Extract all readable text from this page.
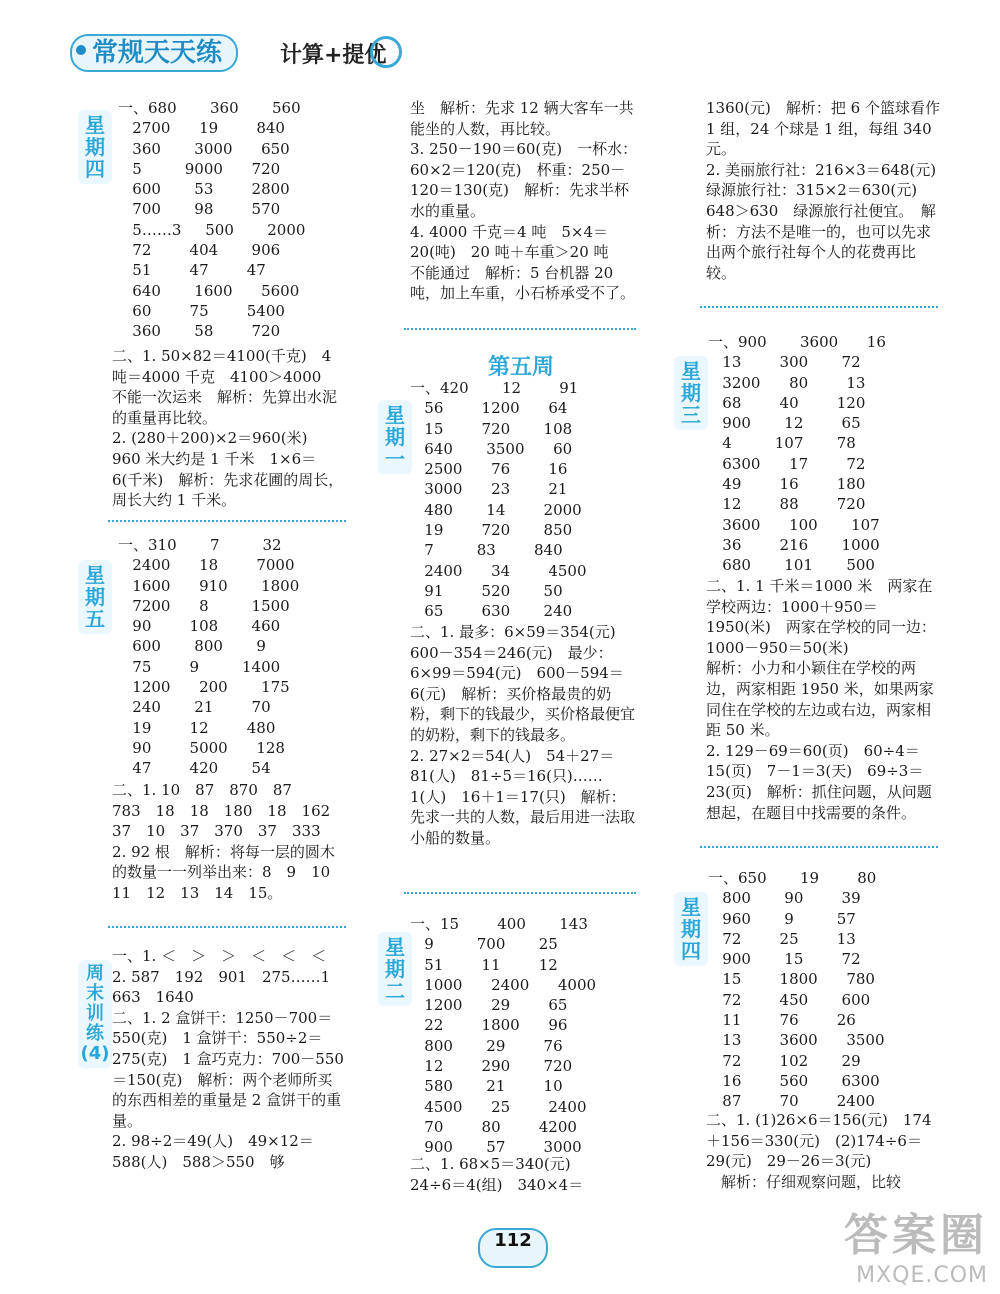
常规天天练	计算+提优
星期四
一、680       360       560
2700      19        840
360       3000      650
5         9000      720
600       53        2800
700       98        570
5……3     500       2000
72        404       906
51        47        47
640       1600      5600
60        75        5400
360       58        720
二、1. 50×82＝4100(千克)　4 吨＝4000 千克　4100＞4000　不能一次运来　解析：先算出水泥的重量再比较。
2. (280＋200)×2＝960(米)　960 米大约是 1 千米　1×6＝6(千米)　解析：先求花圃的周长，周长大约 1 千米。
星期五
一、310       7         32
2400      18        7000
1600      910       1800
7200      8         1500
90        108       460
600       800       9
75        9         1400
1200      200       175
240       21        70
19        12        480
90        5000      128
47        420       54
二、1. 10　87　870　87
783　18　18　180　18　162
37　10　37　370　37　333
2. 92 根　解析：将每一层的圆木的数量一一列举出来：8　9　10　11　12　13　14　15。
周末训练(4)
一、1. ＜　＞　＞　＜　＜　＜
2. 587　192　901　275……1　663　1640
二、1. 2 盒饼干：1250－700＝550(克)　1 盒饼干：550÷2＝275(克)　1 盒巧克力：700－550＝150(克)　解析：两个老师所买的东西相差的重量是 2 盒饼干的重量。
2. 98÷2＝49(人)　49×12＝588(人)　588＞550　够
坐　解析：先求 12 辆大客车一共能坐的人数，再比较。
3. 250－190＝60(克)　一杯水：60×2＝120(克)　杯重：250－120＝130(克)　解析：先求半杯水的重量。
4. 4000 千克＝4 吨　5×4＝20(吨)　20 吨＋车重＞20 吨　不能通过　解析：5 台机器 20 吨，加上车重，小石桥承受不了。
第五周
星期一
一、420       12        91
56        1200      64
15        720       108
640       3500      60
2500      76        16
3000      23        21
480       14        2000
19        720       850
7         83        840
2400      34        4500
91        520       50
65        630       240
二、1. 最多：6×59＝354(元)　600－354＝246(元)　最少：6×99＝594(元)　600－594＝6(元)　解析：买价格最贵的奶粉，剩下的钱最少，买价格最便宜的奶粉，剩下的钱最多。
2. 27×2＝54(人)　54＋27＝81(人)　81÷5＝16(只)……1(人)　16＋1＝17(只)　解析：先求一共的人数，最后用进一法取小船的数量。
星期二
一、15        400       143
9         700       25
51        11        12
1000      2400      4000
1200      29        65
22        1800      96
800       29        76
12        290       720
580       21        10
4500      25        2400
70        80        4200
900       57        3000
二、1. 68×5＝340(元)
24÷6＝4(组)　340×4＝
1360(元)　解析：把 6 个篮球看作 1 组，24 个球是 1 组，每组 340 元。
2. 美丽旅行社：216×3＝648(元)　绿源旅行社：315×2＝630(元)　648＞630　绿源旅行社便宜。　解析：方法不是唯一的，也可以先求出两个旅行社每个人的花费再比较。
星期三
一、900       3600      16
13        300       72
3200      80        13
68        40        120
900       12        65
4         107       78
6300      17        72
49        16        180
12        88        720
3600      100       107
36        216       1000
680       101       500
二、1. 1 千米＝1000 米　两家在学校两边：1000＋950＝1950(米)　两家在学校的同一边：1000－950＝50(米)
解析：小力和小颖住在学校的两边，两家相距 1950 米，如果两家同住在学校的左边或右边，两家相距 50 米。
2. 129－69＝60(页)　60÷4＝15(页)　7－1＝3(天)　69÷3＝23(页)　解析：抓住问题，从问题想起，在题目中找需要的条件。
星期四
一、650       19        80
800       90        39
960       9         57
72        25        13
900       15        72
15        1800      780
72        450       600
11        76        26
13        3600      3500
72        102       29
16        560       6300
87        70        2400
二、1. (1)26×6＝156(元)　174＋156＝330(元)　(2)174÷6＝29(元)　29－26＝3(元)
　解析：仔细观察问题，比较
112	答案圈
MXQE.COM
